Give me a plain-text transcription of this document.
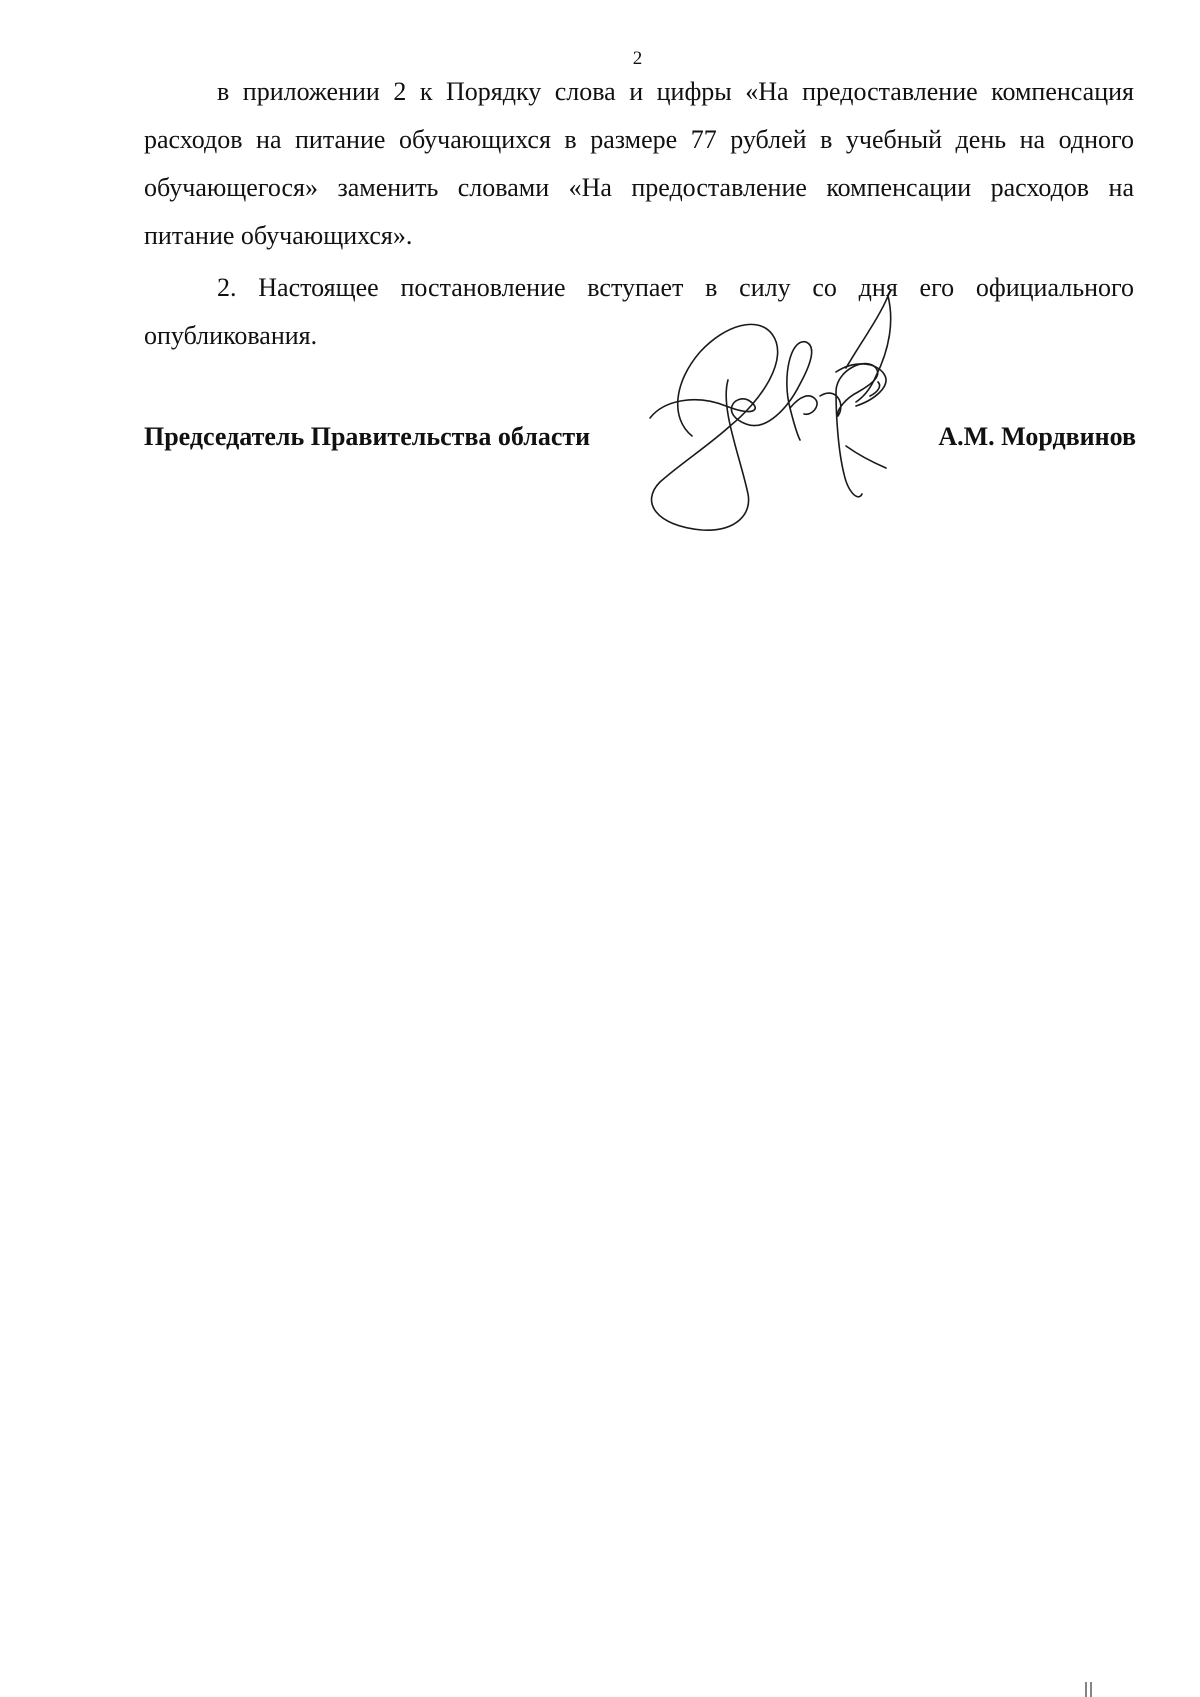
2

в приложении 2 к Порядку слова и цифры «На предоставление компенсация расходов на питание обучающихся в размере 77 рублей в учебный день на одного обучающегося» заменить словами «На предоставление компенсации расходов на питание обучающихся».

2. Настоящее постановление вступает в силу со дня его официального опубликования.

Председатель Правительства области	А.М. Мордвинов
